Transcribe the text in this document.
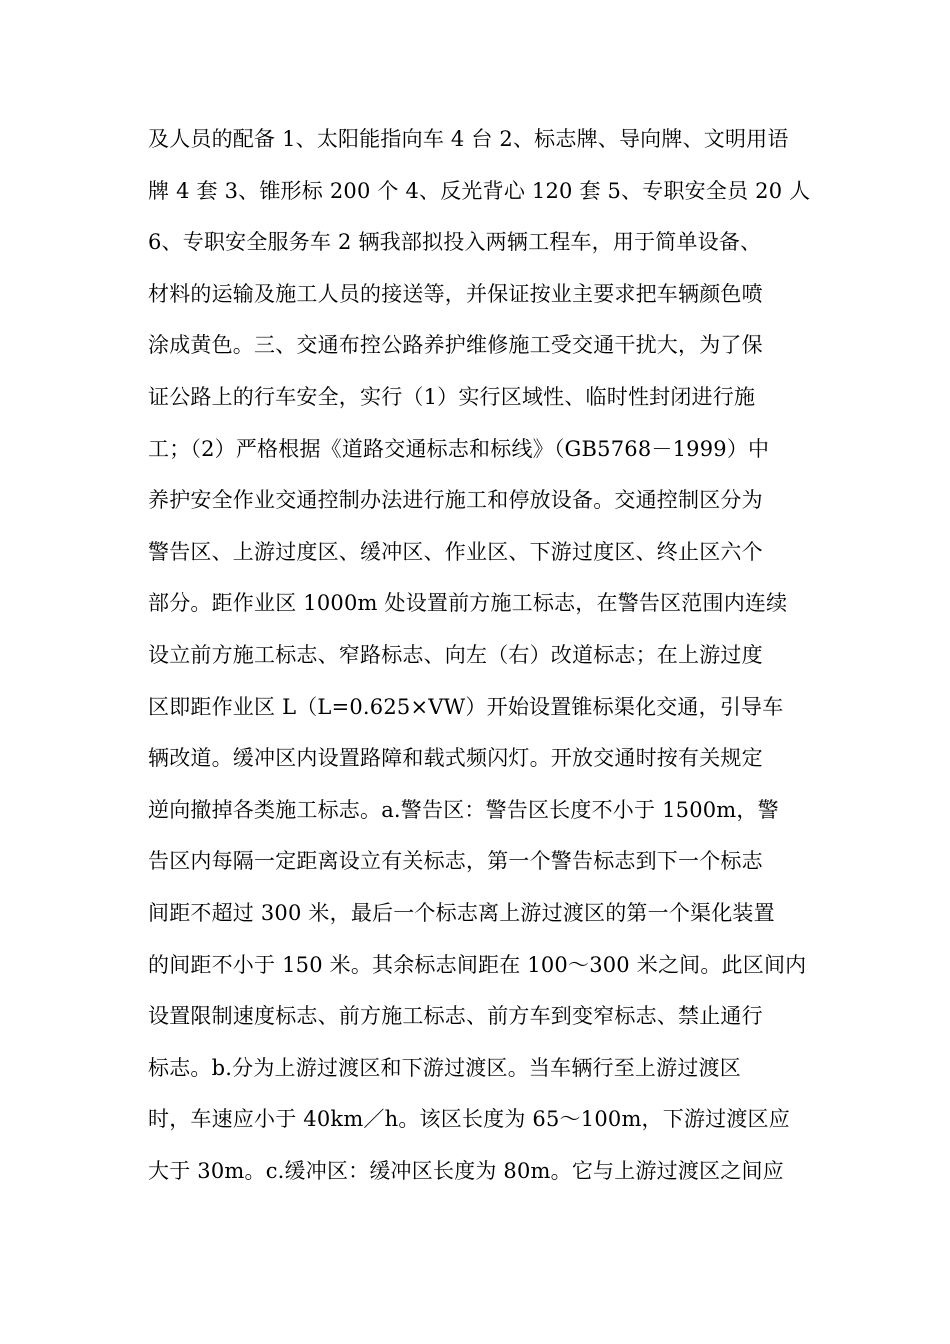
及人员的配备 1、太阳能指向车 4 台 2、标志牌、导向牌、文明用语
牌 4 套 3、锥形标 200 个 4、反光背心 120 套 5、专职安全员 20 人
6、专职安全服务车 2 辆我部拟投入两辆工程车，用于简单设备、
材料的运输及施工人员的接送等，并保证按业主要求把车辆颜色喷
涂成黄色。三、交通布控公路养护维修施工受交通干扰大，为了保
证公路上的行车安全，实行（1）实行区域性、临时性封闭进行施
工；（2）严格根据《道路交通标志和标线》（GB5768－1999）中
养护安全作业交通控制办法进行施工和停放设备。交通控制区分为
警告区、上游过度区、缓冲区、作业区、下游过度区、终止区六个
部分。距作业区 1000m 处设置前方施工标志，在警告区范围内连续
设立前方施工标志、窄路标志、向左（右）改道标志；在上游过度
区即距作业区 L（L=0.625×VW）开始设置锥标渠化交通，引导车
辆改道。缓冲区内设置路障和载式频闪灯。开放交通时按有关规定
逆向撤掉各类施工标志。a.警告区：警告区长度不小于 1500m，警
告区内每隔一定距离设立有关标志，第一个警告标志到下一个标志
间距不超过 300 米，最后一个标志离上游过渡区的第一个渠化装置
的间距不小于 150 米。其余标志间距在 100～300 米之间。此区间内
设置限制速度标志、前方施工标志、前方车到变窄标志、禁止通行
标志。b.分为上游过渡区和下游过渡区。当车辆行至上游过渡区
时，车速应小于 40km／h。该区长度为 65～100m，下游过渡区应
大于 30m。c.缓冲区：缓冲区长度为 80m。它与上游过渡区之间应
